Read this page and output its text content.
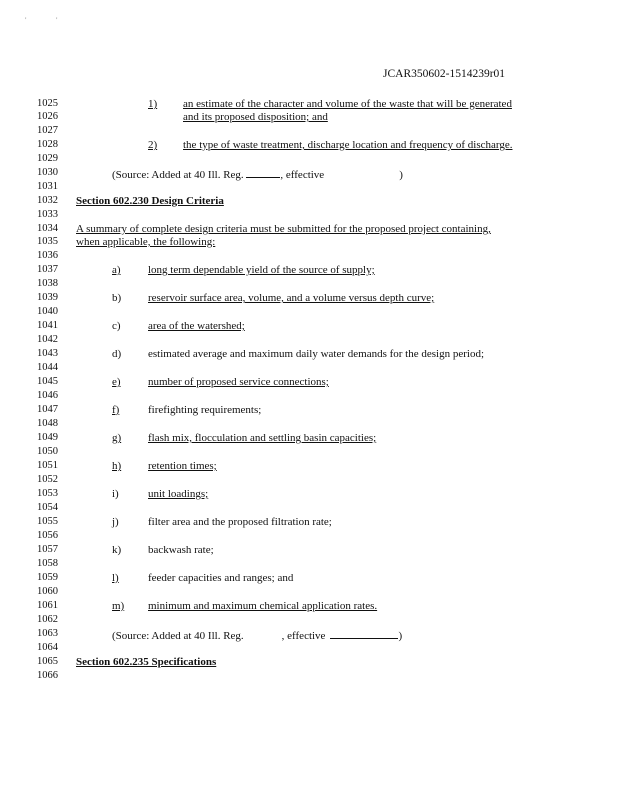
, ,
JCAR350602-1514239r01
1025
1026
1027
1028
1029
1030
1031
1032
1033
1034
1035
1036
1037
1038
1039
1040
1041
1042
1043
1044
1045
1046
1047
1048
1049
1050
1051
1052
1053
1054
1055
1056
1057
1058
1059
1060
1061
1062
1063
1064
1065
1066
1) an estimate of the character and volume of the waste that will be generated
and its proposed disposition; and
2) the type of waste treatment, discharge location and frequency of discharge.
(Source: Added at 40 Ill. Reg.	, effective	)
Section 602.230 Design Criteria
A summary of complete design criteria must be submitted for the proposed project containing,
when applicable, the following:
a) long term dependable yield of the source of supply;
b) reservoir surface area, volume, and a volume versus depth curve;
c) area of the watershed;
d) estimated average and maximum daily water demands for the design period;
e) number of proposed service connections;
f)	firefighting requirements;
g) flash mix, flocculation and settling basin capacities;
h) retention times;
i)	unit loadings;
j)	filter area and the proposed filtration rate;
k) backwash rate;
l)	feeder capacities and ranges; and
m) minimum and maximum chemical application rates.
(Source: Added at 40 Ill. Reg.	, effective	)
Section 602.235 Specifications
